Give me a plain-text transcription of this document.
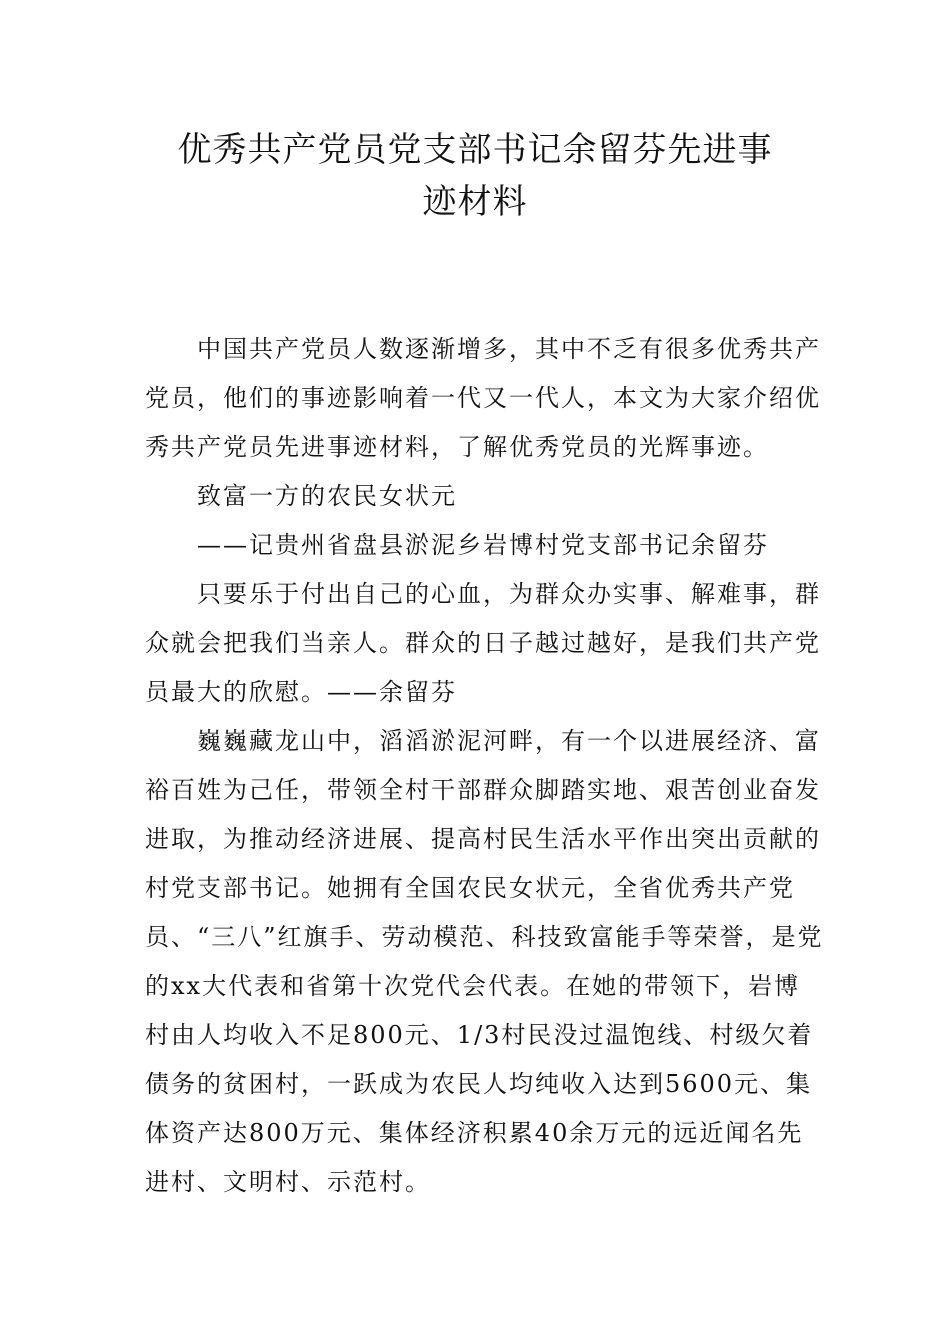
优秀共产党员党支部书记余留芬先进事
迹材料

中国共产党员人数逐渐增多，其中不乏有很多优秀共产党员，他们的事迹影响着一代又一代人，本文为大家介绍优秀共产党员先进事迹材料，了解优秀党员的光辉事迹。

致富一方的农民女状元

——记贵州省盘县淤泥乡岩博村党支部书记余留芬

只要乐于付出自己的心血，为群众办实事、解难事，群众就会把我们当亲人。群众的日子越过越好，是我们共产党员最大的欣慰。——余留芬

巍巍藏龙山中，滔滔淤泥河畔，有一个以进展经济、富裕百姓为己任，带领全村干部群众脚踏实地、艰苦创业奋发进取，为推动经济进展、提高村民生活水平作出突出贡献的村党支部书记。她拥有全国农民女状元，全省优秀共产党员、“三八”红旗手、劳动模范、科技致富能手等荣誉，是党的xx大代表和省第十次党代会代表。在她的带领下，岩博村由人均收入不足800元、1/3村民没过温饱线、村级欠着债务的贫困村，一跃成为农民人均纯收入达到5600元、集体资产达800万元、集体经济积累40余万元的远近闻名先进村、文明村、示范村。
